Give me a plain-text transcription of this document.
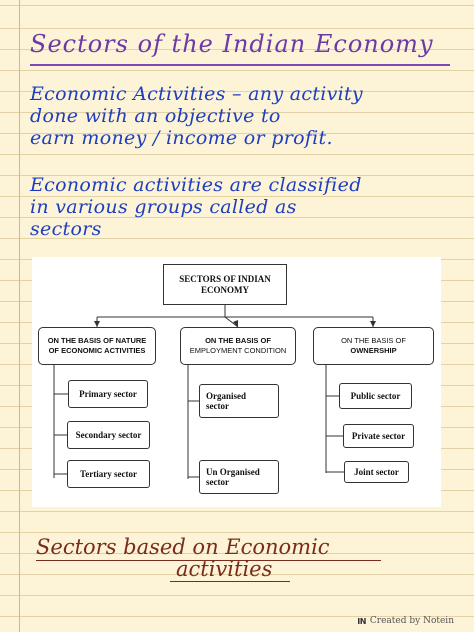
Sectors of the Indian Economy

Economic Activities – any activity
done with an objective to
earn money / income or profit.
Economic activities are classified
in various groups called as
sectors
SECTORS OF INDIAN
ECONOMY
ON THE BASIS OF NATURE
OF ECONOMIC ACTIVITIES
ON THE BASIS OF
EMPLOYMENT CONDITION
ON THE BASIS OF
OWNERSHIP
Primary sector
Secondary sector
Tertiary sector
Organised
sector
Un Organised
sector
Public sector
Private sector
Joint sector

Sectors based on Economic

activities

IN Created by Notein
